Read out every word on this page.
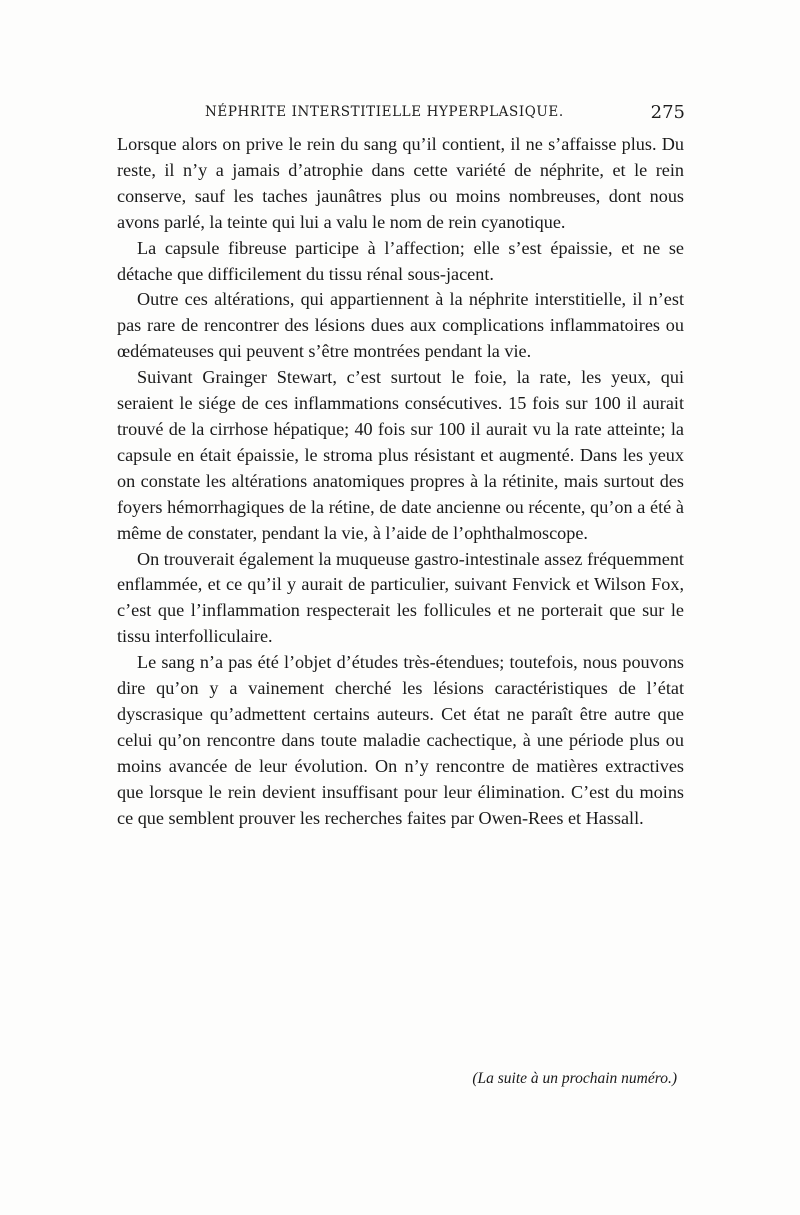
NÉPHRITE INTERSTITIELLE HYPERPLASIQUE.	275

Lorsque alors on prive le rein du sang qu’il contient, il ne s’affaisse plus. Du reste, il n’y a jamais d’atrophie dans cette variété de néphrite, et le rein conserve, sauf les taches jaunâtres plus ou moins nombreuses, dont nous avons parlé, la teinte qui lui a valu le nom de rein cyanotique.

La capsule fibreuse participe à l’affection; elle s’est épaissie, et ne se détache que difficilement du tissu rénal sous-jacent.

Outre ces altérations, qui appartiennent à la néphrite interstitielle, il n’est pas rare de rencontrer des lésions dues aux complications inflammatoires ou œdémateuses qui peuvent s’être montrées pendant la vie.

Suivant Grainger Stewart, c’est surtout le foie, la rate, les yeux, qui seraient le siége de ces inflammations consécutives. 15 fois sur 100 il aurait trouvé de la cirrhose hépatique; 40 fois sur 100 il aurait vu la rate atteinte; la capsule en était épaissie, le stroma plus résistant et augmenté. Dans les yeux on constate les altérations anatomiques propres à la rétinite, mais surtout des foyers hémorrhagiques de la rétine, de date ancienne ou récente, qu’on a été à même de constater, pendant la vie, à l’aide de l’ophthalmoscope.

On trouverait également la muqueuse gastro-intestinale assez fréquemment enflammée, et ce qu’il y aurait de particulier, suivant Fenvick et Wilson Fox, c’est que l’inflammation respecterait les follicules et ne porterait que sur le tissu interfolliculaire.

Le sang n’a pas été l’objet d’études très-étendues; toutefois, nous pouvons dire qu’on y a vainement cherché les lésions caractéristiques de l’état dyscrasique qu’admettent certains auteurs. Cet état ne paraît être autre que celui qu’on rencontre dans toute maladie cachectique, à une période plus ou moins avancée de leur évolution. On n’y rencontre de matières extractives que lorsque le rein devient insuffisant pour leur élimination. C’est du moins ce que semblent prouver les recherches faites par Owen-Rees et Hassall.

(La suite à un prochain numéro.)
